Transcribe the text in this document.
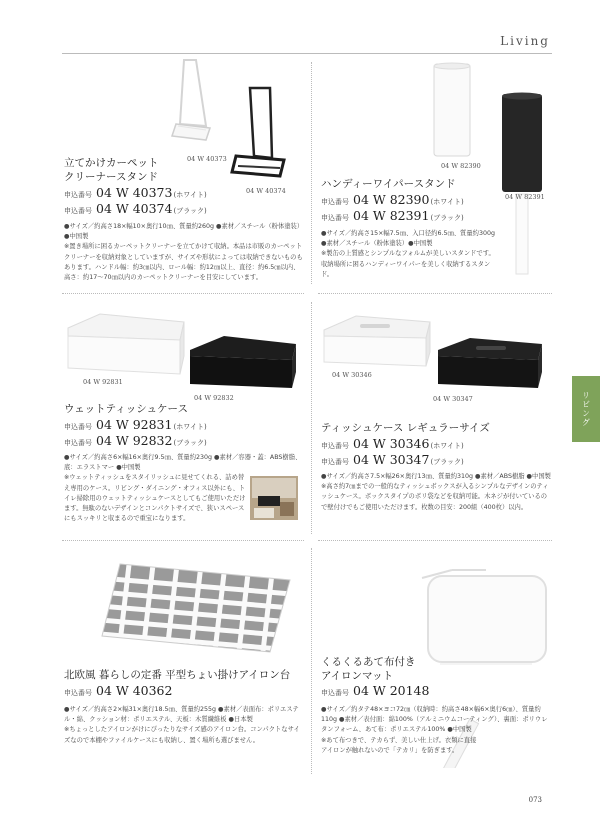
Living
リビング
04 W 40373
04 W 40374
立てかけカーペット
クリーナースタンド
申込番号 04 W 40373(ホワイト)
申込番号 04 W 40374(ブラック)
●サイズ／約高さ18×幅10×奥行10㎝、質量約260g ●素材／スチール（粉体塗装）●中国製
※置き場所に困るカーペットクリーナーを立てかけて収納。本品は市販のカーペットクリーナーを収納対象としていますが、サイズや形状によっては収納できないものもあります。ハンドル幅：約3㎝以内、ロール幅：約12㎝以上、直径：約6.5㎝以内、高さ：約17～70㎝以内のカーペットクリーナーを目安にしています。
04 W 82390
04 W 82391
ハンディーワイパースタンド
申込番号 04 W 82390(ホワイト)
申込番号 04 W 82391(ブラック)
●サイズ／約高さ15×幅7.5㎝、入口径約6.5㎝、質量約300g ●素材／スチール（粉体塗装）●中国製
※製缶の上質感とシンプルなフォルムが美しいスタンドです。収納場所に困るハンディーワイパーを美しく収納するスタンド。
04 W 92831
04 W 92832
ウェットティッシュケース
申込番号 04 W 92831(ホワイト)
申込番号 04 W 92832(ブラック)
●サイズ／約高さ6×幅16×奥行9.5㎝、質量約230g ●素材／容器・蓋：ABS樹脂、底：エラストマー ●中国製
※ウェットティッシュをスタイリッシュに見せてくれる、詰め替え専用のケース。リビング・ダイニング・オフィス以外にも、トイレ掃除用のウェットティッシュケースとしてもご使用いただけます。無駄のないデザインとコンパクトサイズで、狭いスペースにもスッキリと収まるので重宝になります。
04 W 30346
04 W 30347
ティッシュケース レギュラーサイズ
申込番号 04 W 30346(ホワイト)
申込番号 04 W 30347(ブラック)
●サイズ／約高さ7.5×幅26×奥行13㎝、質量約310g ●素材／ABS樹脂 ●中国製
※高さ約7㎝までの一般的なティッシュボックスが入るシンプルなデザインのティッシュケース。ボックスタイプのボリ袋などを収納可能。木ネジが付いているので壁付けでもご使用いただけます。枚数の目安：200組（400枚）以内。
北欧風 暮らしの定番 平型ちょい掛けアイロン台
申込番号 04 W 40362
●サイズ／約高さ2×幅31×奥行18.5㎝、質量約255g ●素材／表面布：ポリエステル・綿、クッション材：ポリエステル、天板：木質繊維板 ●日本製
※ちょっとしたアイロンがけにぴったりなサイズ感のアイロン台。コンパクトなサイズなので本棚やファイルケースにも収納し、置く場所も選びません。
くるくるあて布付き
アイロンマット
申込番号 04 W 20148
●サイズ／約タテ48×ヨコ72㎝（収納時：約高さ48×幅6×奥行6㎝）、質量約110g ●素材／表付面：綿100%（アルミニウムコーティング）、裏面：ポリウレタンフォーム、あて布：ポリエステル100% ●中国製
※あて布つきで、テカらず、美しい仕上げ。衣類に直接アイロンが触れないので「テカリ」を防ぎます。
073
